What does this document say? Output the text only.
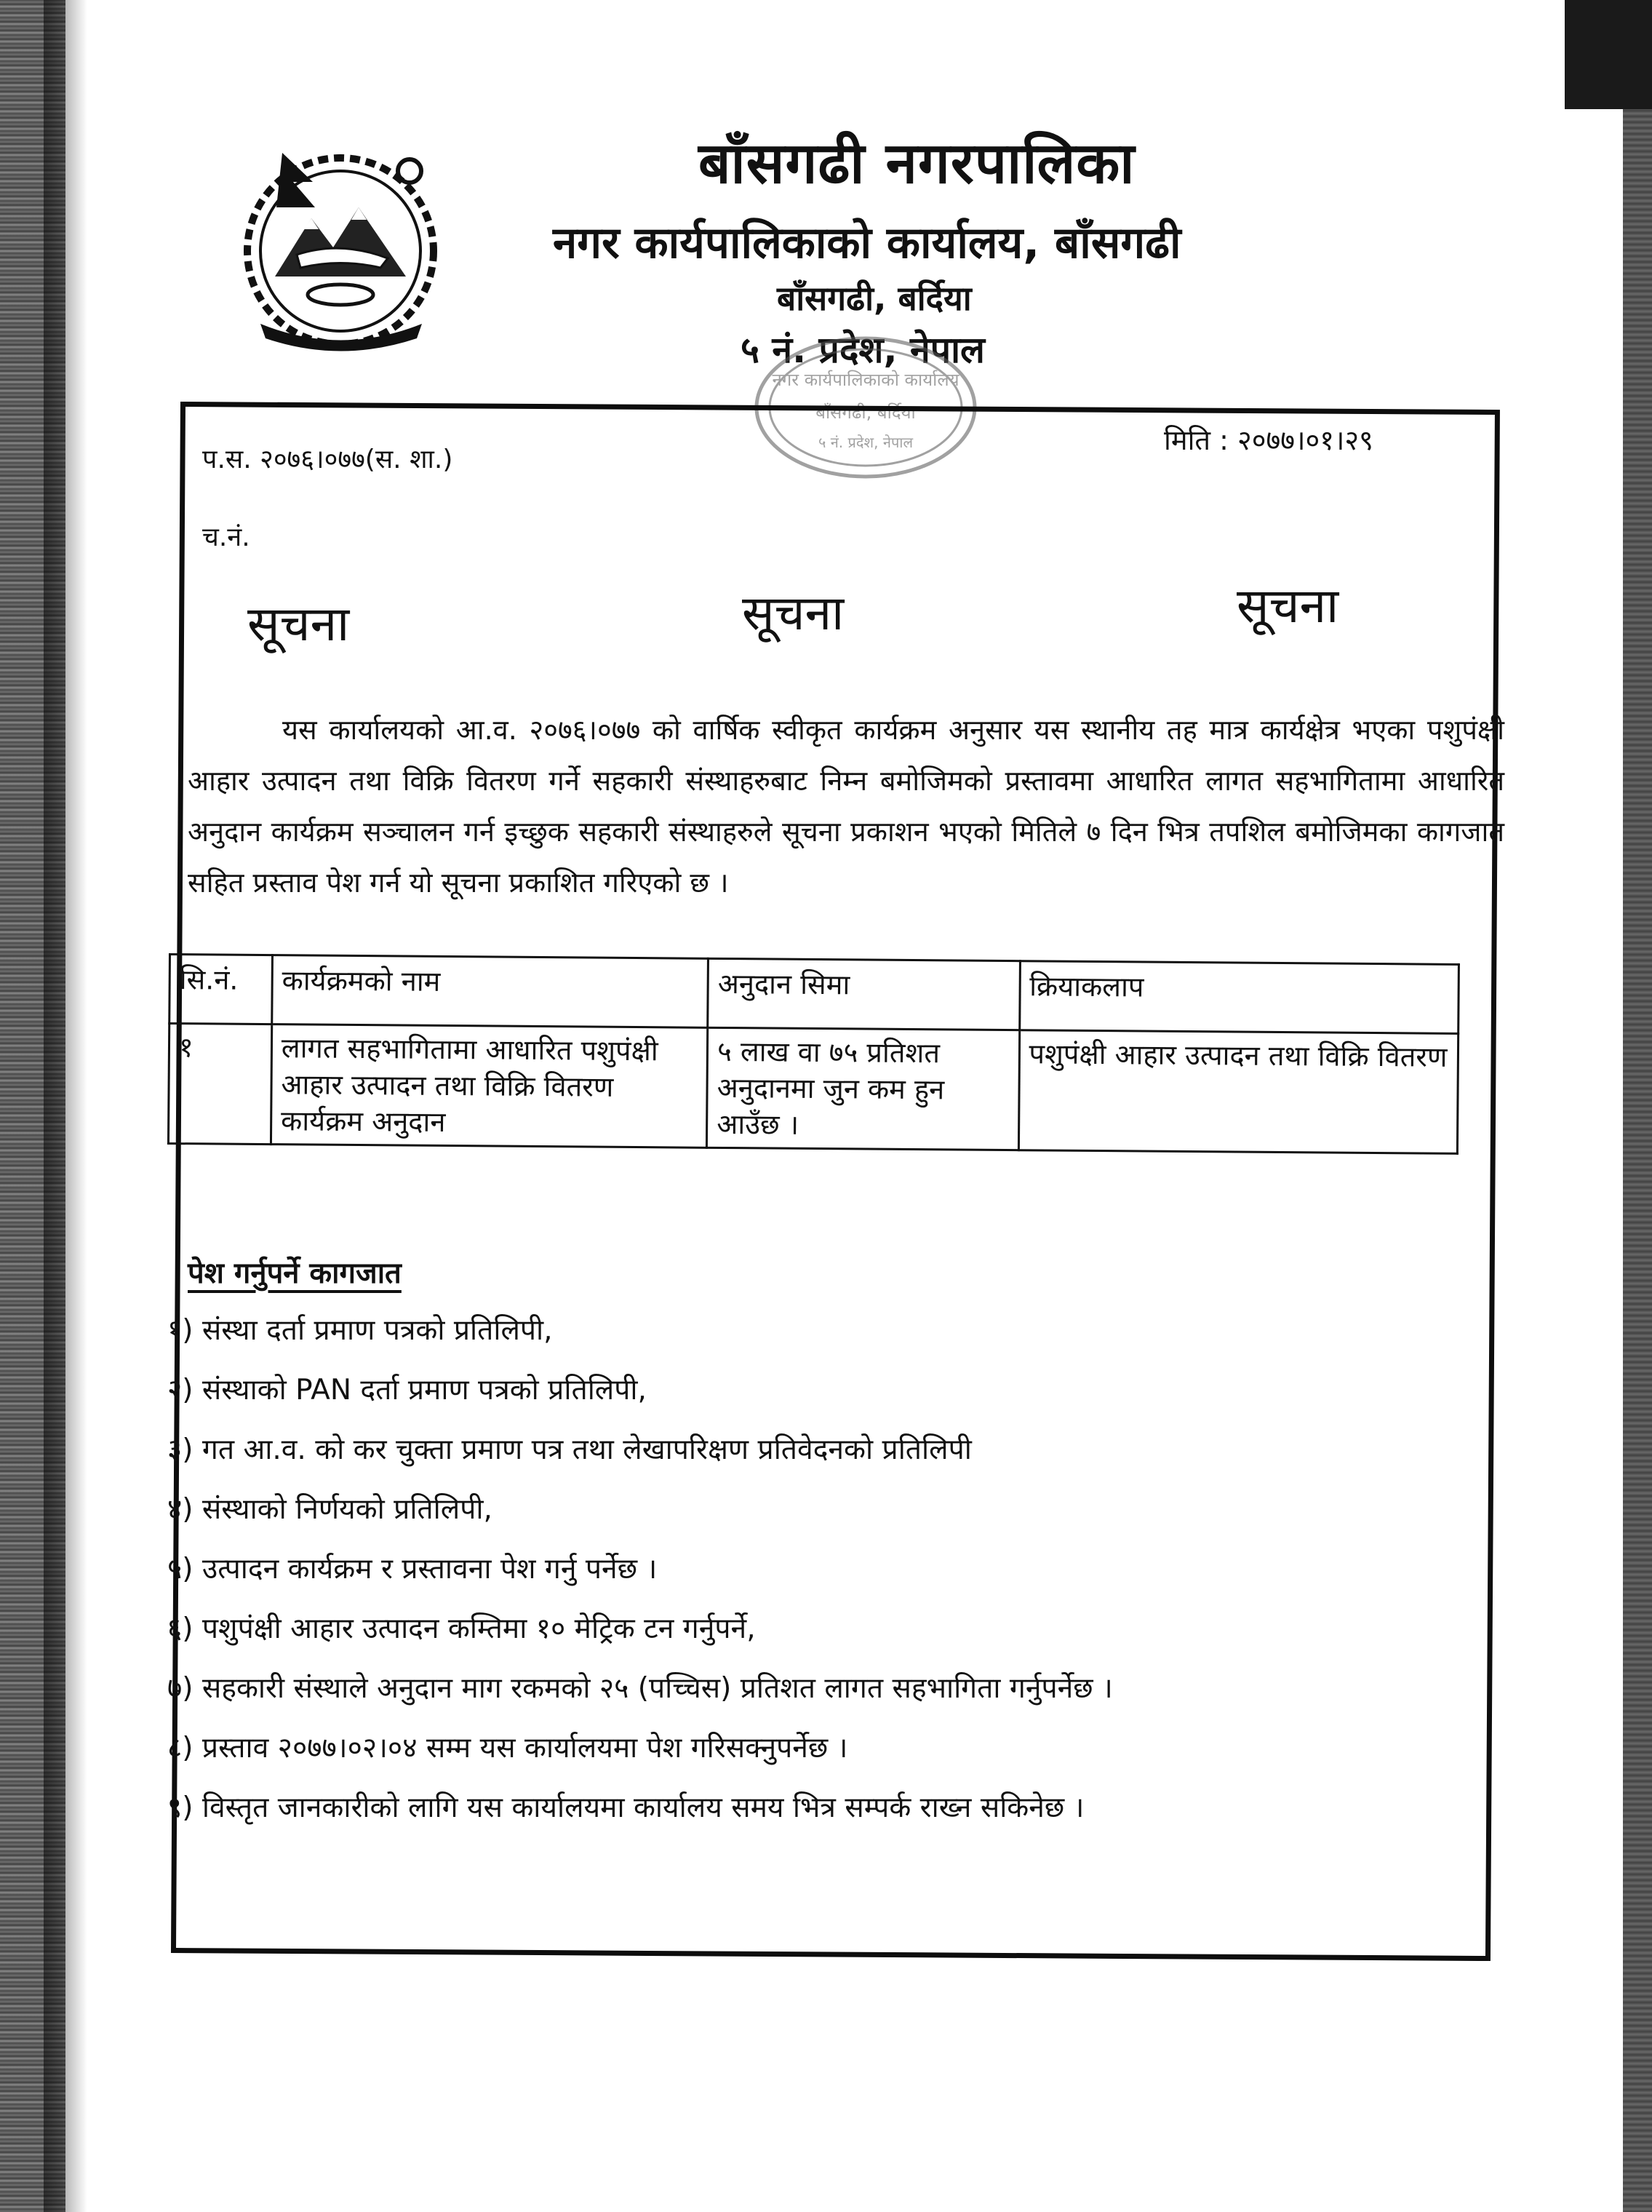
बाँसगढी नगरपालिका
नगर कार्यपालिकाको कार्यालय, बाँसगढी
बाँसगढी, बर्दिया
५ नं. प्रदेश, नेपाल
नगर कार्यपालिकाको कार्यालय
बाँसगढी, बर्दिया
५ नं. प्रदेश, नेपाल
प.स. २०७६।०७७(स. शा.)
मिति : २०७७।०१।२९
च.नं.
सूचना	सूचना	सूचना

यस कार्यालयको आ.व. २०७६।०७७ को वार्षिक स्वीकृत कार्यक्रम अनुसार यस स्थानीय तह मात्र कार्यक्षेत्र भएका पशुपंक्षी आहार उत्पादन तथा विक्रि वितरण गर्ने सहकारी संस्थाहरुबाट निम्न बमोजिमको प्रस्तावमा आधारित लागत सहभागितामा आधारित अनुदान कार्यक्रम सञ्चालन गर्न इच्छुक सहकारी संस्थाहरुले सूचना प्रकाशन भएको मितिले ७ दिन भित्र तपशिल बमोजिमका कागजात सहित प्रस्ताव पेश गर्न यो सूचना प्रकाशित गरिएको छ ।

सि.नं.	कार्यक्रमको नाम	अनुदान सिमा	क्रियाकलाप
१	लागत सहभागितामा आधारित पशुपंक्षी आहार उत्पादन तथा विक्रि वितरण कार्यक्रम अनुदान	५ लाख वा ७५ प्रतिशत अनुदानमा जुन कम हुन आउँछ ।	पशुपंक्षी आहार उत्पादन तथा विक्रि वितरण
पेश गर्नुपर्ने कागजात
१) संस्था दर्ता प्रमाण पत्रको प्रतिलिपी,
२) संस्थाको PAN दर्ता प्रमाण पत्रको प्रतिलिपी,
३) गत आ.व. को कर चुक्ता प्रमाण पत्र तथा लेखापरिक्षण प्रतिवेदनको प्रतिलिपी
४) संस्थाको निर्णयको प्रतिलिपी,
५) उत्पादन कार्यक्रम र प्रस्तावना पेश गर्नु पर्नेछ ।
६) पशुपंक्षी आहार उत्पादन कम्तिमा १० मेट्रिक टन गर्नुपर्ने,
७) सहकारी संस्थाले अनुदान माग रकमको २५ (पच्चिस) प्रतिशत लागत सहभागिता गर्नुपर्नेछ ।
८) प्रस्ताव २०७७।०२।०४ सम्म यस कार्यालयमा पेश गरिसक्नुपर्नेछ ।
९) विस्तृत जानकारीको लागि यस कार्यालयमा कार्यालय समय भित्र सम्पर्क राख्न सकिनेछ ।
